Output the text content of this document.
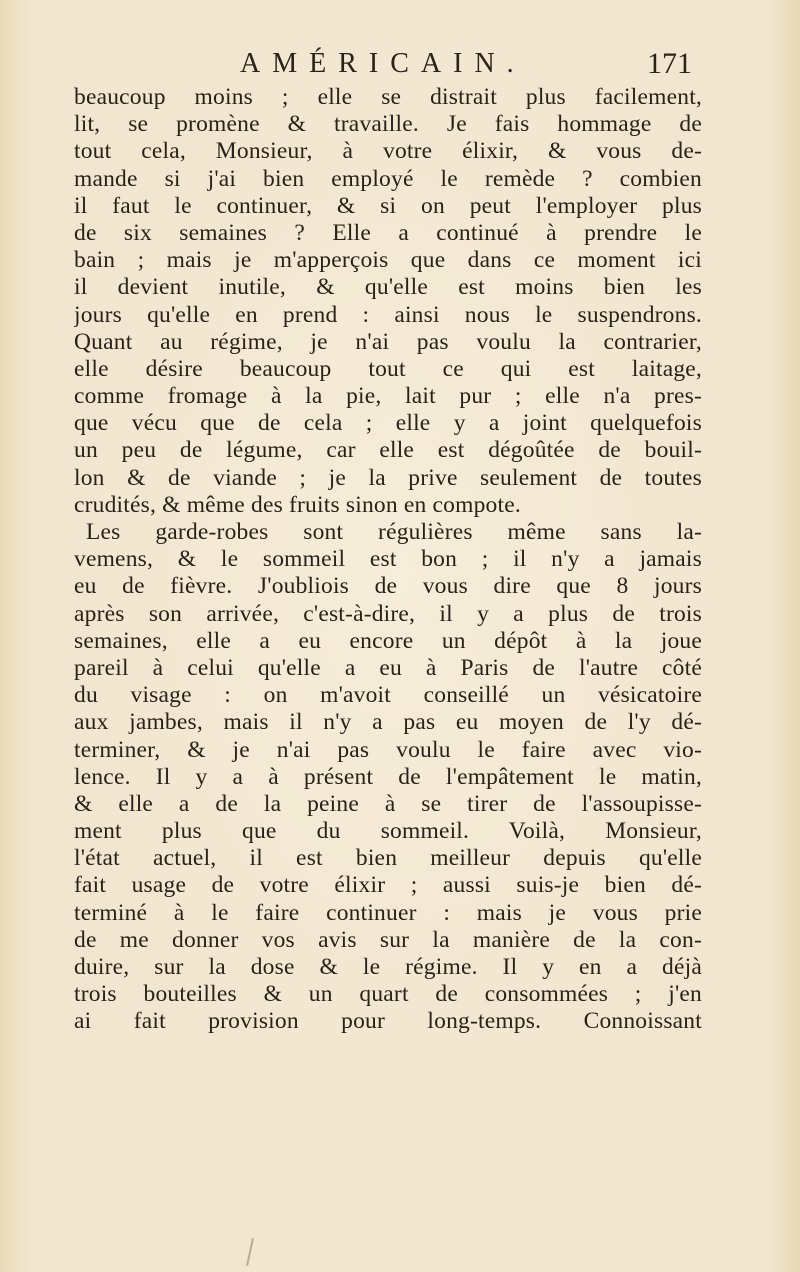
AMÉRICAIN.	171
beaucoup moins ; elle se distrait plus facilement,
lit, se promène & travaille. Je fais hommage de
tout cela, Monsieur, à votre élixir, & vous de-
mande si j'ai bien employé le remède ? combien
il faut le continuer, & si on peut l'employer plus
de six semaines ? Elle a continué à prendre le
bain ; mais je m'apperçois que dans ce moment ici
il devient inutile, & qu'elle est moins bien les
jours qu'elle en prend : ainsi nous le suspendrons.
Quant au régime, je n'ai pas voulu la contrarier,
elle désire beaucoup tout ce qui est laitage,
comme fromage à la pie, lait pur ; elle n'a pres-
que vécu que de cela ; elle y a joint quelquefois
un peu de légume, car elle est dégoûtée de bouil-
lon & de viande ; je la prive seulement de toutes
crudités, & même des fruits sinon en compote.
Les garde-robes sont régulières même sans la-
vemens, & le sommeil est bon ; il n'y a jamais
eu de fièvre. J'oubliois de vous dire que 8 jours
après son arrivée, c'est-à-dire, il y a plus de trois
semaines, elle a eu encore un dépôt à la joue
pareil à celui qu'elle a eu à Paris de l'autre côté
du visage : on m'avoit conseillé un vésicatoire
aux jambes, mais il n'y a pas eu moyen de l'y dé-
terminer, & je n'ai pas voulu le faire avec vio-
lence. Il y a à présent de l'empâtement le matin,
& elle a de la peine à se tirer de l'assoupisse-
ment plus que du sommeil. Voilà, Monsieur,
l'état actuel, il est bien meilleur depuis qu'elle
fait usage de votre élixir ; aussi suis-je bien dé-
terminé à le faire continuer : mais je vous prie
de me donner vos avis sur la manière de la con-
duire, sur la dose & le régime. Il y en a déjà
trois bouteilles & un quart de consommées ; j'en
ai fait provision pour long-temps. Connoissant
